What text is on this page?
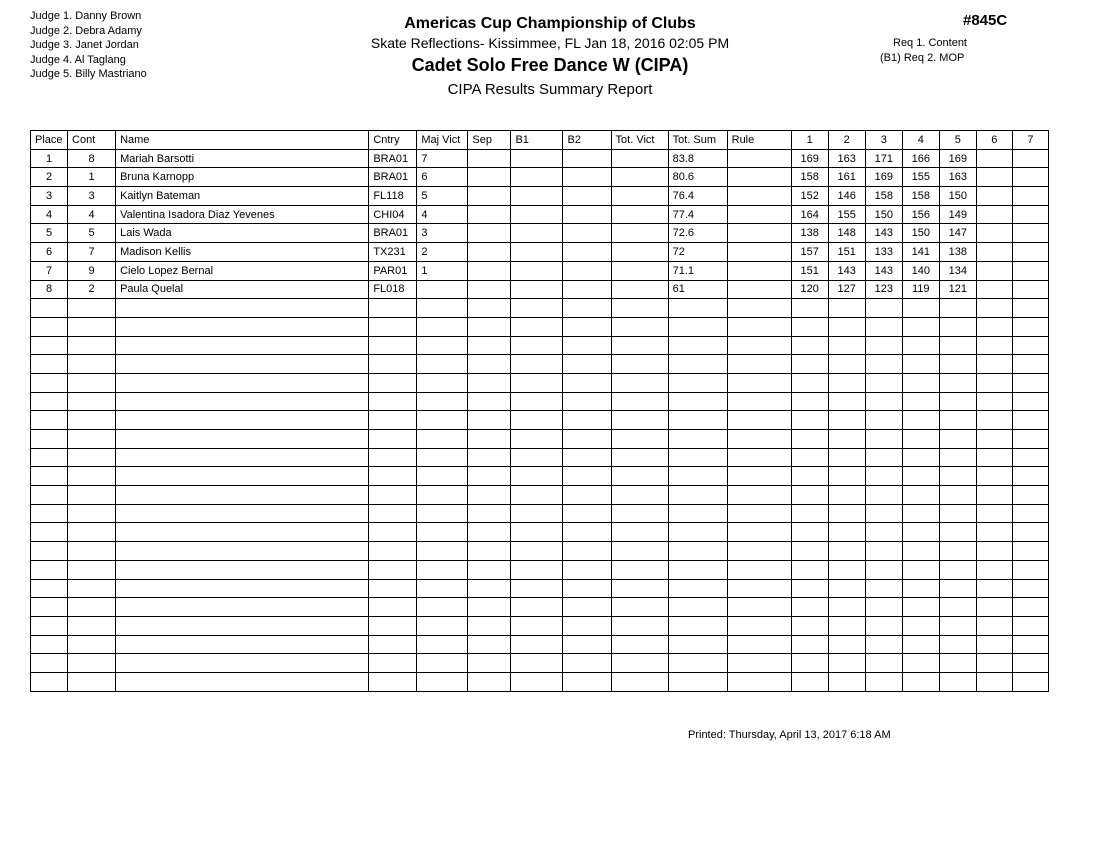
Judge 1. Danny Brown
Judge 2. Debra Adamy
Judge 3. Janet Jordan
Judge 4. Al Taglang
Judge 5. Billy Mastriano
Americas Cup Championship of Clubs
Skate Reflections- Kissimmee, FL Jan 18, 2016 02:05 PM
Cadet Solo Free Dance W (CIPA)
CIPA Results Summary Report
#845C
Req 1. Content
(B1) Req 2. MOP
Place	Cont	Name	Cntry	Maj Vict	Sep	B1	B2	Tot. Vict	Tot. Sum	Rule	1	2	3	4	5	6	7
1	8	Mariah Barsotti	BRA01	7					83.8		169	163	171	166	169		
2	1	Bruna Karnopp	BRA01	6					80.6		158	161	169	155	163		
3	3	Kaitlyn Bateman	FL118	5					76.4		152	146	158	158	150		
4	4	Valentina Isadora Diaz Yevenes	CHI04	4					77.4		164	155	150	156	149		
5	5	Lais Wada	BRA01	3					72.6		138	148	143	150	147		
6	7	Madison Kellis	TX231	2					72		157	151	133	141	138		
7	9	Cielo Lopez Bernal	PAR01	1					71.1		151	143	143	140	134		
8	2	Paula Quelal	FL018						61		120	127	123	119	121		

Printed: Thursday, April 13, 2017 6:18 AM
